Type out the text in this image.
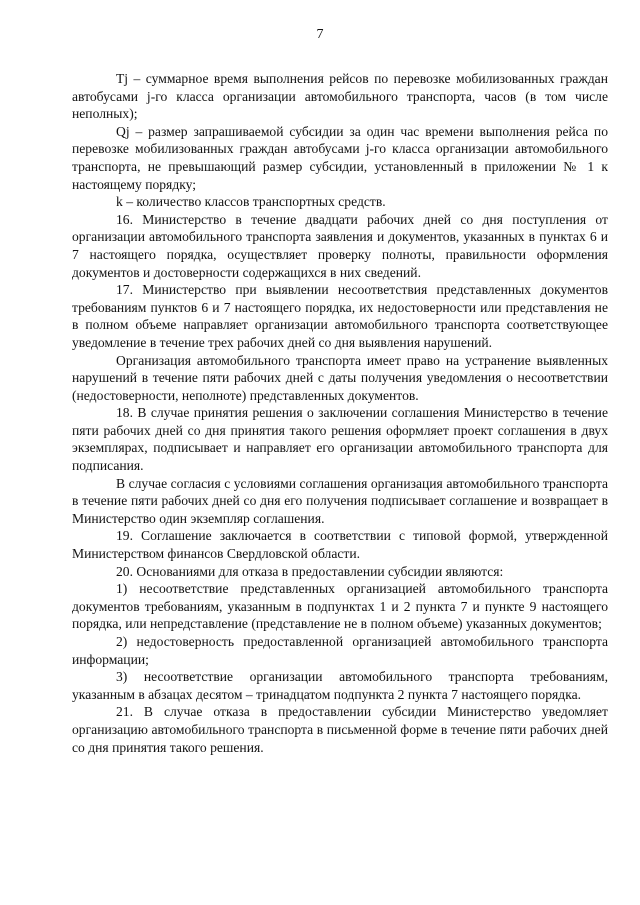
7

Tj – суммарное время выполнения рейсов по перевозке мобилизованных граждан автобусами j-го класса организации автомобильного транспорта, часов (в том числе неполных);

Qj – размер запрашиваемой субсидии за один час времени выполнения рейса по перевозке мобилизованных граждан автобусами j-го класса организации автомобильного транспорта, не превышающий размер субсидии, установленный в приложении № 1 к настоящему порядку;

k – количество классов транспортных средств.

16. Министерство в течение двадцати рабочих дней со дня поступления от организации автомобильного транспорта заявления и документов, указанных в пунктах 6 и 7 настоящего порядка, осуществляет проверку полноты, правильности оформления документов и достоверности содержащихся в них сведений.

17. Министерство при выявлении несоответствия представленных документов требованиям пунктов 6 и 7 настоящего порядка, их недостоверности или представления не в полном объеме направляет организации автомобильного транспорта соответствующее уведомление в течение трех рабочих дней со дня выявления нарушений.

Организация автомобильного транспорта имеет право на устранение выявленных нарушений в течение пяти рабочих дней с даты получения уведомления о несоответствии (недостоверности, неполноте) представленных документов.

18. В случае принятия решения о заключении соглашения Министерство в течение пяти рабочих дней со дня принятия такого решения оформляет проект соглашения в двух экземплярах, подписывает и направляет его организации автомобильного транспорта для подписания.

В случае согласия с условиями соглашения организация автомобильного транспорта в течение пяти рабочих дней со дня его получения подписывает соглашение и возвращает в Министерство один экземпляр соглашения.

19. Соглашение заключается в соответствии с типовой формой, утвержденной Министерством финансов Свердловской области.

20. Основаниями для отказа в предоставлении субсидии являются:

1) несоответствие представленных организацией автомобильного транспорта документов требованиям, указанным в подпунктах 1 и 2 пункта 7 и пункте 9 настоящего порядка, или непредставление (представление не в полном объеме) указанных документов;

2) недостоверность предоставленной организацией автомобильного транспорта информации;

3) несоответствие организации автомобильного транспорта требованиям, указанным в абзацах десятом – тринадцатом подпункта 2 пункта 7 настоящего порядка.

21. В случае отказа в предоставлении субсидии Министерство уведомляет организацию автомобильного транспорта в письменной форме в течение пяти рабочих дней со дня принятия такого решения.
